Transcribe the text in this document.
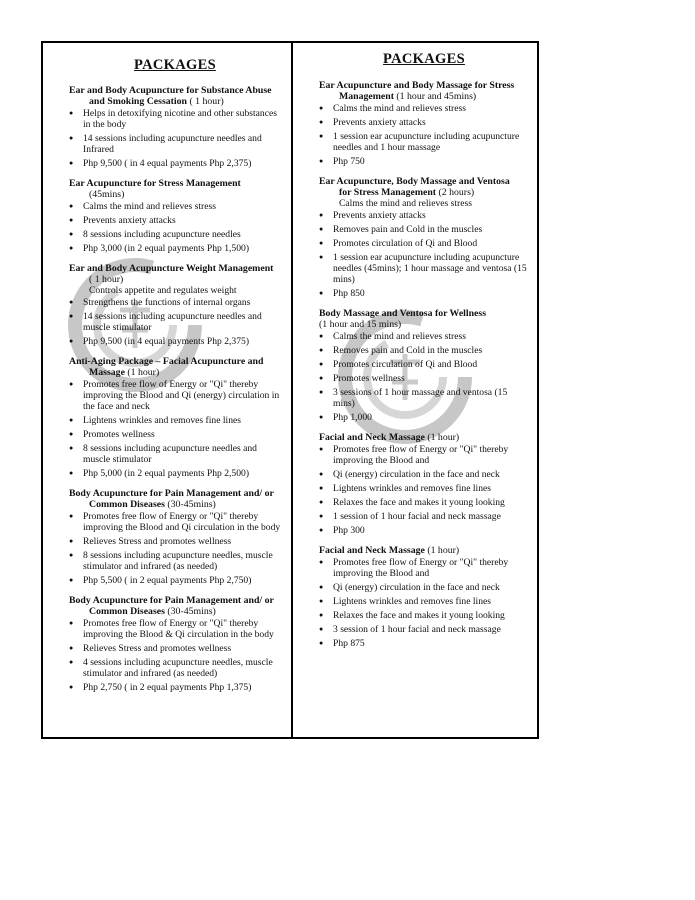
PACKAGES
Ear and Body Acupuncture for Substance Abuse
and Smoking Cessation ( 1 hour)
● Helps in detoxifying nicotine and other substances in the body
● 14 sessions including acupuncture needles and Infrared
● Php 9,500 ( in 4 equal payments Php 2,375)
Ear Acupuncture for Stress Management
(45mins)
● Calms the mind and relieves stress
● Prevents anxiety attacks
● 8 sessions including acupuncture needles
● Php 3,000 (in 2 equal payments Php 1,500)
Ear and Body Acupuncture Weight Management
( 1 hour)
Controls appetite and regulates weight
● Strengthens the functions of internal organs
● 14 sessions including acupuncture needles and muscle stimulator
● Php 9,500 (in 4 equal payments Php 2,375)
Anti-Aging Package – Facial Acupuncture and
Massage (1 hour)
● Promotes free flow of Energy or "Qi" thereby improving the Blood and Qi (energy) circulation in the face and neck
● Lightens wrinkles and removes fine lines
● Promotes wellness
● 8 sessions including acupuncture needles and muscle stimulator
● Php 5,000 (in 2 equal payments Php 2,500)
Body Acupuncture for Pain Management and/ or
Common Diseases (30-45mins)
● Promotes free flow of Energy or "Qi" thereby improving the Blood and Qi circulation in the body
● Relieves Stress and promotes wellness
● 8 sessions including acupuncture needles, muscle stimulator and infrared (as needed)
● Php 5,500 ( in 2 equal payments Php 2,750)
Body Acupuncture for Pain Management and/ or
Common Diseases (30-45mins)
● Promotes free flow of Energy or "Qi" thereby improving the Blood & Qi circulation in the body
● Relieves Stress and promotes wellness
● 4 sessions including acupuncture needles, muscle stimulator and infrared (as needed)
● Php 2,750 ( in 2 equal payments Php 1,375)
PACKAGES
Ear Acupuncture and Body Massage for Stress
Management (1 hour and 45mins)
● Calms the mind and relieves stress
● Prevents anxiety attacks
● 1 session ear acupuncture including acupuncture needles and 1 hour massage
● Php 750
Ear Acupuncture, Body Massage and Ventosa
for Stress Management (2 hours)
Calms the mind and relieves stress
● Prevents anxiety attacks
● Removes pain and Cold in the muscles
● Promotes circulation of Qi and Blood
● 1 session ear acupuncture including acupuncture needles (45mins); 1 hour massage and ventosa (15 mins)
● Php 850
Body Massage and Ventosa for Wellness
(1 hour and 15 mins)
● Calms the mind and relieves stress
● Removes pain and Cold in the muscles
● Promotes circulation of Qi and Blood
● Promotes wellness
● 3 sessions of 1 hour massage and ventosa (15 mins)
● Php 1,000
Facial and Neck Massage (1 hour)
● Promotes free flow of Energy or "Qi" thereby improving the Blood and
● Qi (energy) circulation in the face and neck
● Lightens wrinkles and removes fine lines
● Relaxes the face and makes it young looking
● 1 session of 1 hour facial and neck massage
● Php 300
Facial and Neck Massage (1 hour)
● Promotes free flow of Energy or "Qi" thereby improving the Blood and
● Qi (energy) circulation in the face and neck
● Lightens wrinkles and removes fine lines
● Relaxes the face and makes it young looking
● 3 session of 1 hour facial and neck massage
● Php 875
